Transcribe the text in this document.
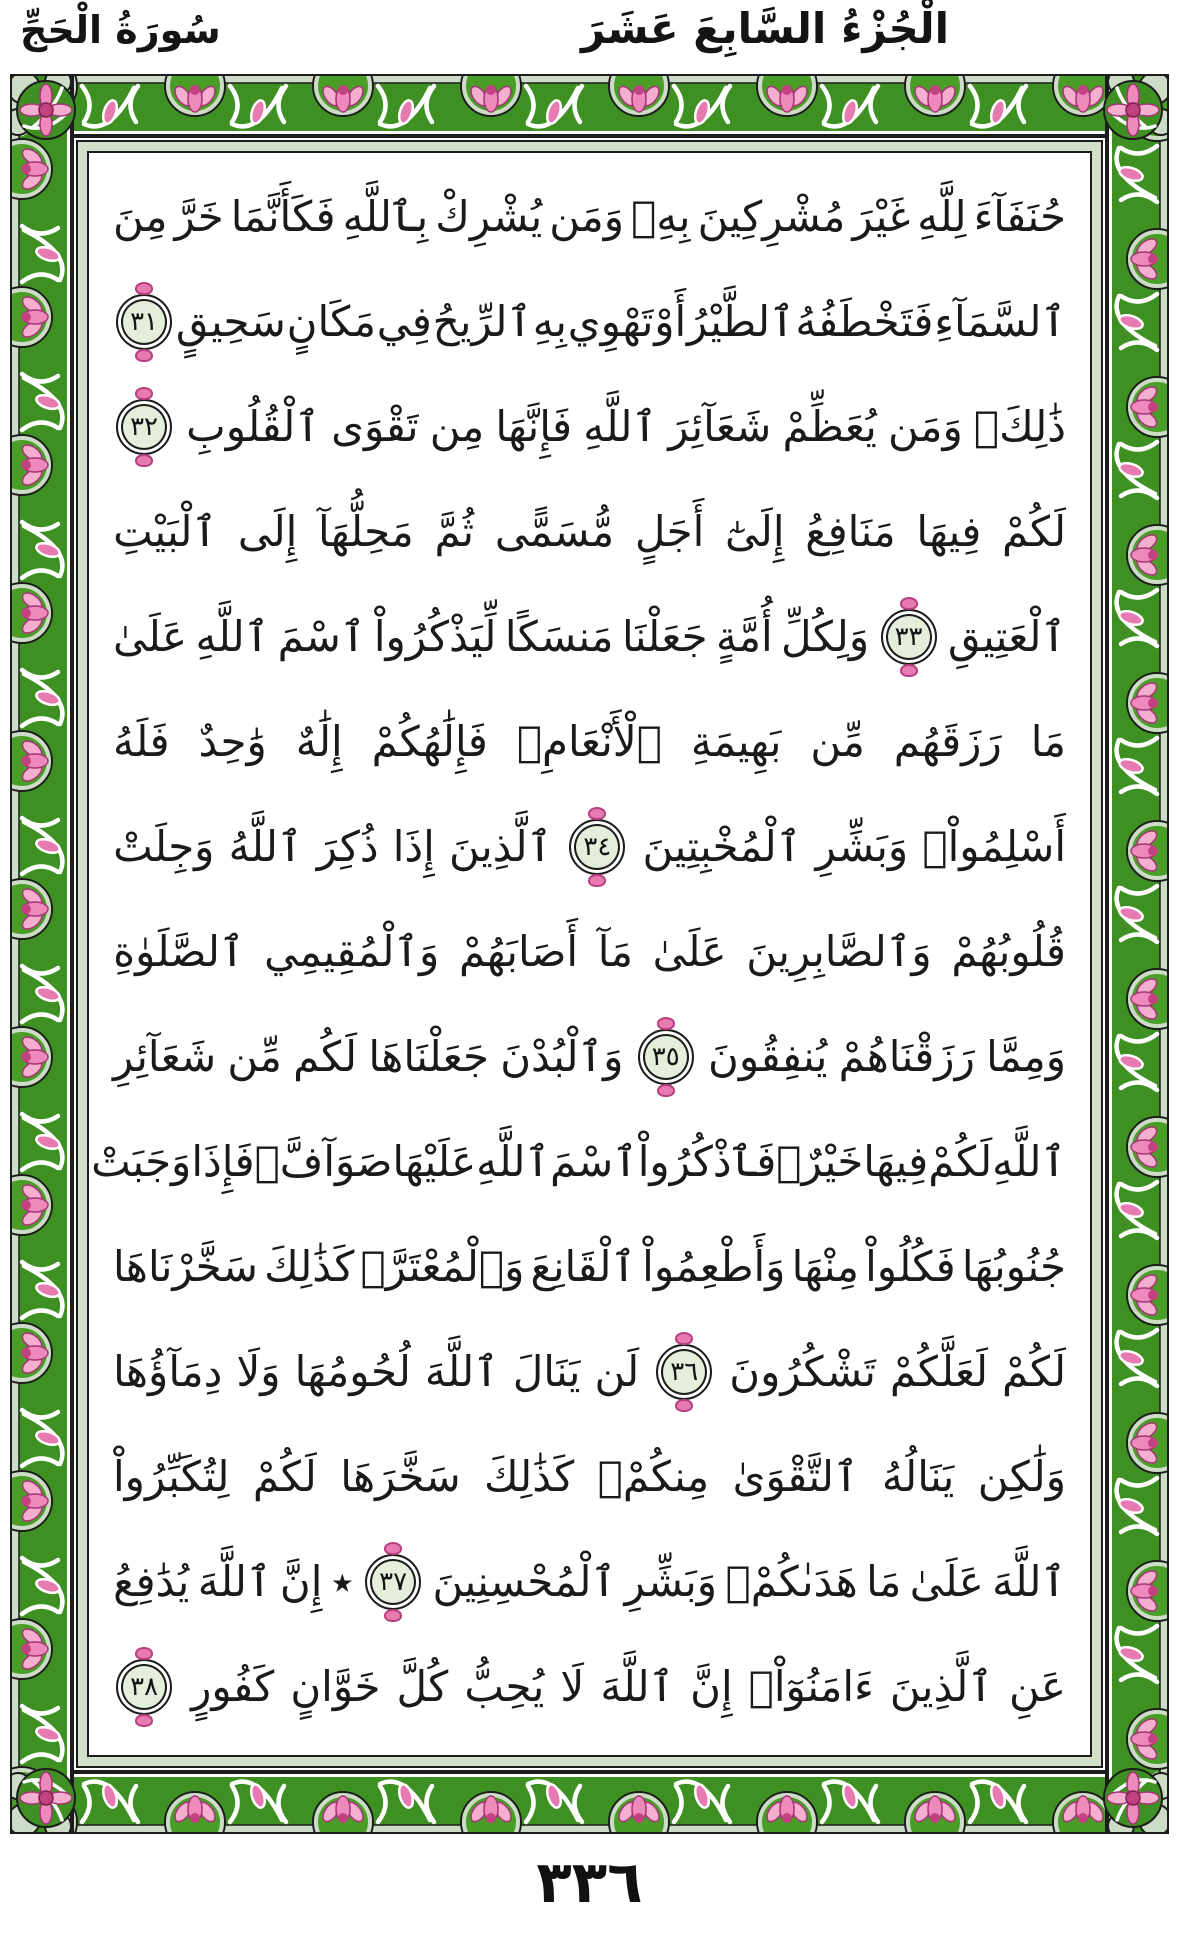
الْجُزْءُ السَّابِعَ عَشَرَ
سُورَةُ الْحَجِّ
حُنَفَآءَ
لِلَّهِ
غَيْرَ
مُشْرِكِينَ
بِهِۚ
وَمَن
يُشْرِكْ
بِٱللَّهِ
فَكَأَنَّمَا
خَرَّ
مِنَ
ٱلسَّمَآءِ
فَتَخْطَفُهُ
ٱلطَّيْرُ
أَوْ
تَهْوِي
بِهِ
ٱلرِّيحُ
فِي
مَكَانٍ
سَحِيقٍ
٣١
ذَٰلِكَۖ
وَمَن
يُعَظِّمْ
شَعَآئِرَ
ٱللَّهِ
فَإِنَّهَا
مِن
تَقْوَى
ٱلْقُلُوبِ
٣٢
لَكُمْ
فِيهَا
مَنَافِعُ
إِلَىٰٓ
أَجَلٍ
مُّسَمًّى
ثُمَّ
مَحِلُّهَآ
إِلَى
ٱلْبَيْتِ
ٱلْعَتِيقِ
٣٣
وَلِكُلِّ
أُمَّةٍ
جَعَلْنَا
مَنسَكًا
لِّيَذْكُرُواْ
ٱسْمَ
ٱللَّهِ
عَلَىٰ
مَا
رَزَقَهُم
مِّن
بَهِيمَةِ
ٱلْأَنْعَامِۗ
فَإِلَٰهُكُمْ
إِلَٰهٌ
وَٰحِدٌ
فَلَهُ
أَسْلِمُواْۗ
وَبَشِّرِ
ٱلْمُخْبِتِينَ
٣٤
ٱلَّذِينَ
إِذَا
ذُكِرَ
ٱللَّهُ
وَجِلَتْ
قُلُوبُهُمْ
وَٱلصَّابِرِينَ
عَلَىٰ
مَآ
أَصَابَهُمْ
وَٱلْمُقِيمِي
ٱلصَّلَوٰةِ
وَمِمَّا
رَزَقْنَاهُمْ
يُنفِقُونَ
٣٥
وَٱلْبُدْنَ
جَعَلْنَاهَا
لَكُم
مِّن
شَعَآئِرِ
ٱللَّهِ
لَكُمْ
فِيهَا
خَيْرٌۖ
فَٱذْكُرُواْ
ٱسْمَ
ٱللَّهِ
عَلَيْهَا
صَوَآفَّۖ
فَإِذَا
وَجَبَتْ
جُنُوبُهَا
فَكُلُواْ
مِنْهَا
وَأَطْعِمُواْ
ٱلْقَانِعَ
وَٱلْمُعْتَرَّۚ
كَذَٰلِكَ
سَخَّرْنَاهَا
لَكُمْ
لَعَلَّكُمْ
تَشْكُرُونَ
٣٦
لَن
يَنَالَ
ٱللَّهَ
لُحُومُهَا
وَلَا
دِمَآؤُهَا
وَلَٰكِن
يَنَالُهُ
ٱلتَّقْوَىٰ
مِنكُمْۚ
كَذَٰلِكَ
سَخَّرَهَا
لَكُمْ
لِتُكَبِّرُواْ
ٱللَّهَ
عَلَىٰ
مَا
هَدَىٰكُمْۗ
وَبَشِّرِ
ٱلْمُحْسِنِينَ
٣٧
٭
إِنَّ
ٱللَّهَ
يُدَٰفِعُ
عَنِ
ٱلَّذِينَ
ءَامَنُوٓاْۗ
إِنَّ
ٱللَّهَ
لَا
يُحِبُّ
كُلَّ
خَوَّانٍ
كَفُورٍ
٣٨
٣٣٦
